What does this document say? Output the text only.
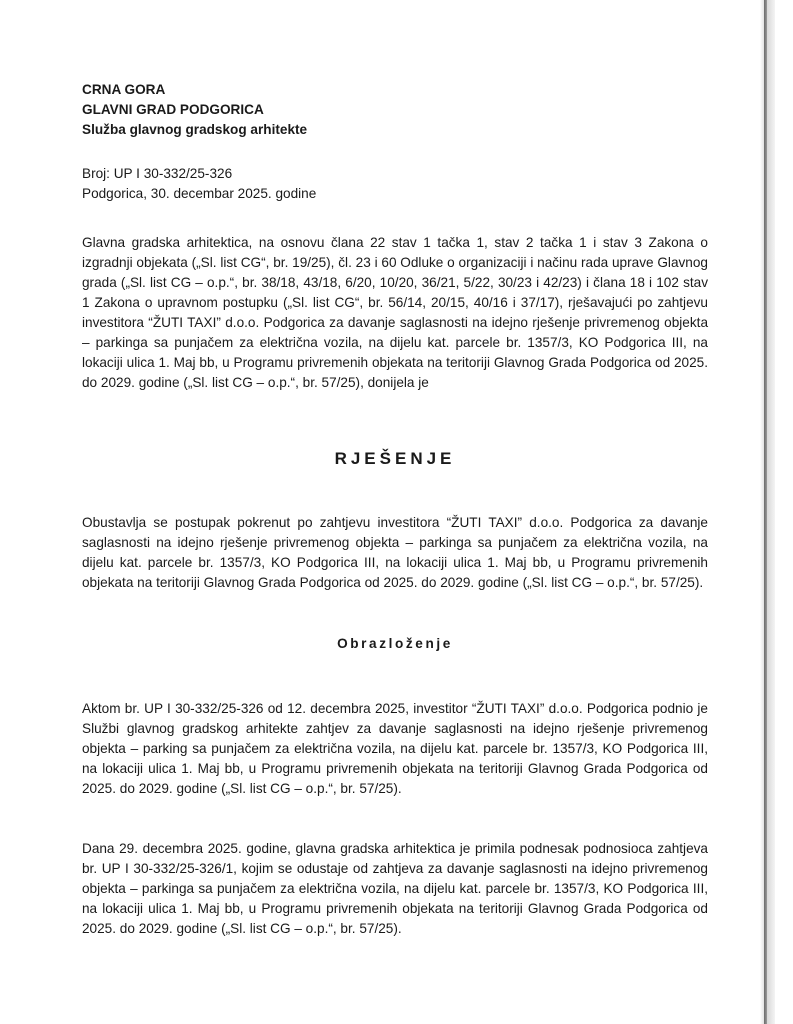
CRNA GORA
GLAVNI GRAD PODGORICA
Služba glavnog gradskog arhitekte
Broj: UP I 30-332/25-326
Podgorica, 30. decembar 2025. godine

Glavna gradska arhitektica, na osnovu člana 22 stav 1 tačka 1, stav 2 tačka 1 i stav 3 Zakona o izgradnji objekata („Sl. list CG“, br. 19/25), čl. 23 i 60 Odluke o organizaciji i načinu rada uprave Glavnog grada („Sl. list CG – o.p.“, br. 38/18, 43/18, 6/20, 10/20, 36/21, 5/22, 30/23 i 42/23) i člana 18 i 102 stav 1 Zakona o upravnom postupku („Sl. list CG“, br. 56/14, 20/15, 40/16 i 37/17), rješavajući po zahtjevu investitora “ŽUTI TAXI” d.o.o. Podgorica za davanje saglasnosti na idejno rješenje privremenog objekta – parkinga sa punjačem za električna vozila, na dijelu kat. parcele br. 1357/3, KO Podgorica III, na lokaciji ulica 1. Maj bb, u Programu privremenih objekata na teritoriji Glavnog Grada Podgorica od 2025. do 2029. godine („Sl. list CG – o.p.“, br. 57/25), donijela je

RJEŠENJE

Obustavlja se postupak pokrenut po zahtjevu investitora “ŽUTI TAXI” d.o.o. Podgorica za davanje saglasnosti na idejno rješenje privremenog objekta – parkinga sa punjačem za električna vozila, na dijelu kat. parcele br. 1357/3, KO Podgorica III, na lokaciji ulica 1. Maj bb, u Programu privremenih objekata na teritoriji Glavnog Grada Podgorica od 2025. do 2029. godine („Sl. list CG – o.p.“, br. 57/25).

Obrazloženje

Aktom br. UP I 30-332/25-326 od 12. decembra 2025, investitor “ŽUTI TAXI” d.o.o. Podgorica podnio je Službi glavnog gradskog arhitekte zahtjev za davanje saglasnosti na idejno rješenje privremenog objekta – parking sa punjačem za električna vozila, na dijelu kat. parcele br. 1357/3, KO Podgorica III, na lokaciji ulica 1. Maj bb, u Programu privremenih objekata na teritoriji Glavnog Grada Podgorica od 2025. do 2029. godine („Sl. list CG – o.p.“, br. 57/25).

Dana 29. decembra 2025. godine, glavna gradska arhitektica je primila podnesak podnosioca zahtjeva br. UP I 30-332/25-326/1, kojim se odustaje od zahtjeva za davanje saglasnosti na idejno privremenog objekta – parkinga sa punjačem za električna vozila, na dijelu kat. parcele br. 1357/3, KO Podgorica III, na lokaciji ulica 1. Maj bb, u Programu privremenih objekata na teritoriji Glavnog Grada Podgorica od 2025. do 2029. godine („Sl. list CG – o.p.“, br. 57/25).
